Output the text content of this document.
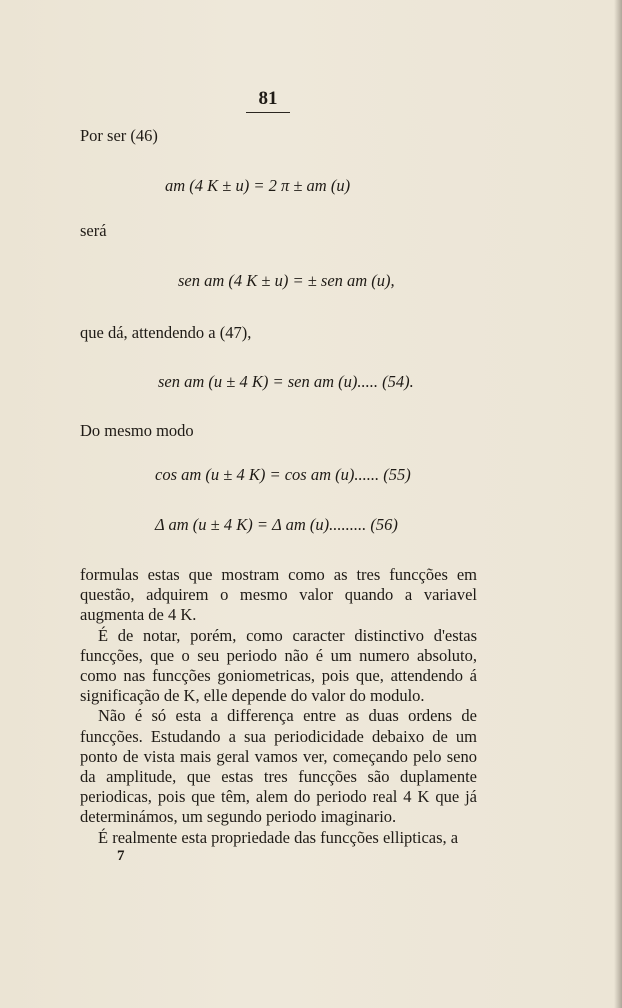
81
Por ser (46)
am (4 K ± u) = 2 π ± am (u)
será
sen am (4 K ± u) = ± sen am (u),
que dá, attendendo a (47),
sen am (u ± 4 K) = sen am (u)..... (54).
Do mesmo modo
cos am (u ± 4 K) = cos am (u)...... (55)
Δ am (u ± 4 K) = Δ am (u)......... (56)

formulas estas que mostram como as tres funcções em questão, adquirem o mesmo valor quando a variavel augmenta de 4 K.

É de notar, porém, como caracter distinctivo d'estas funcções, que o seu periodo não é um numero absoluto, como nas funcções goniometricas, pois que, attendendo á significação de K, elle depende do valor do modulo.

Não é só esta a differença entre as duas ordens de funcções. Estudando a sua periodicidade debaixo de um ponto de vista mais geral vamos ver, começando pelo seno da amplitude, que estas tres funcções são duplamente periodicas, pois que têm, alem do periodo real 4 K que já determinámos, um segundo periodo imaginario.

É realmente esta propriedade das funcções ellipticas, a

7
